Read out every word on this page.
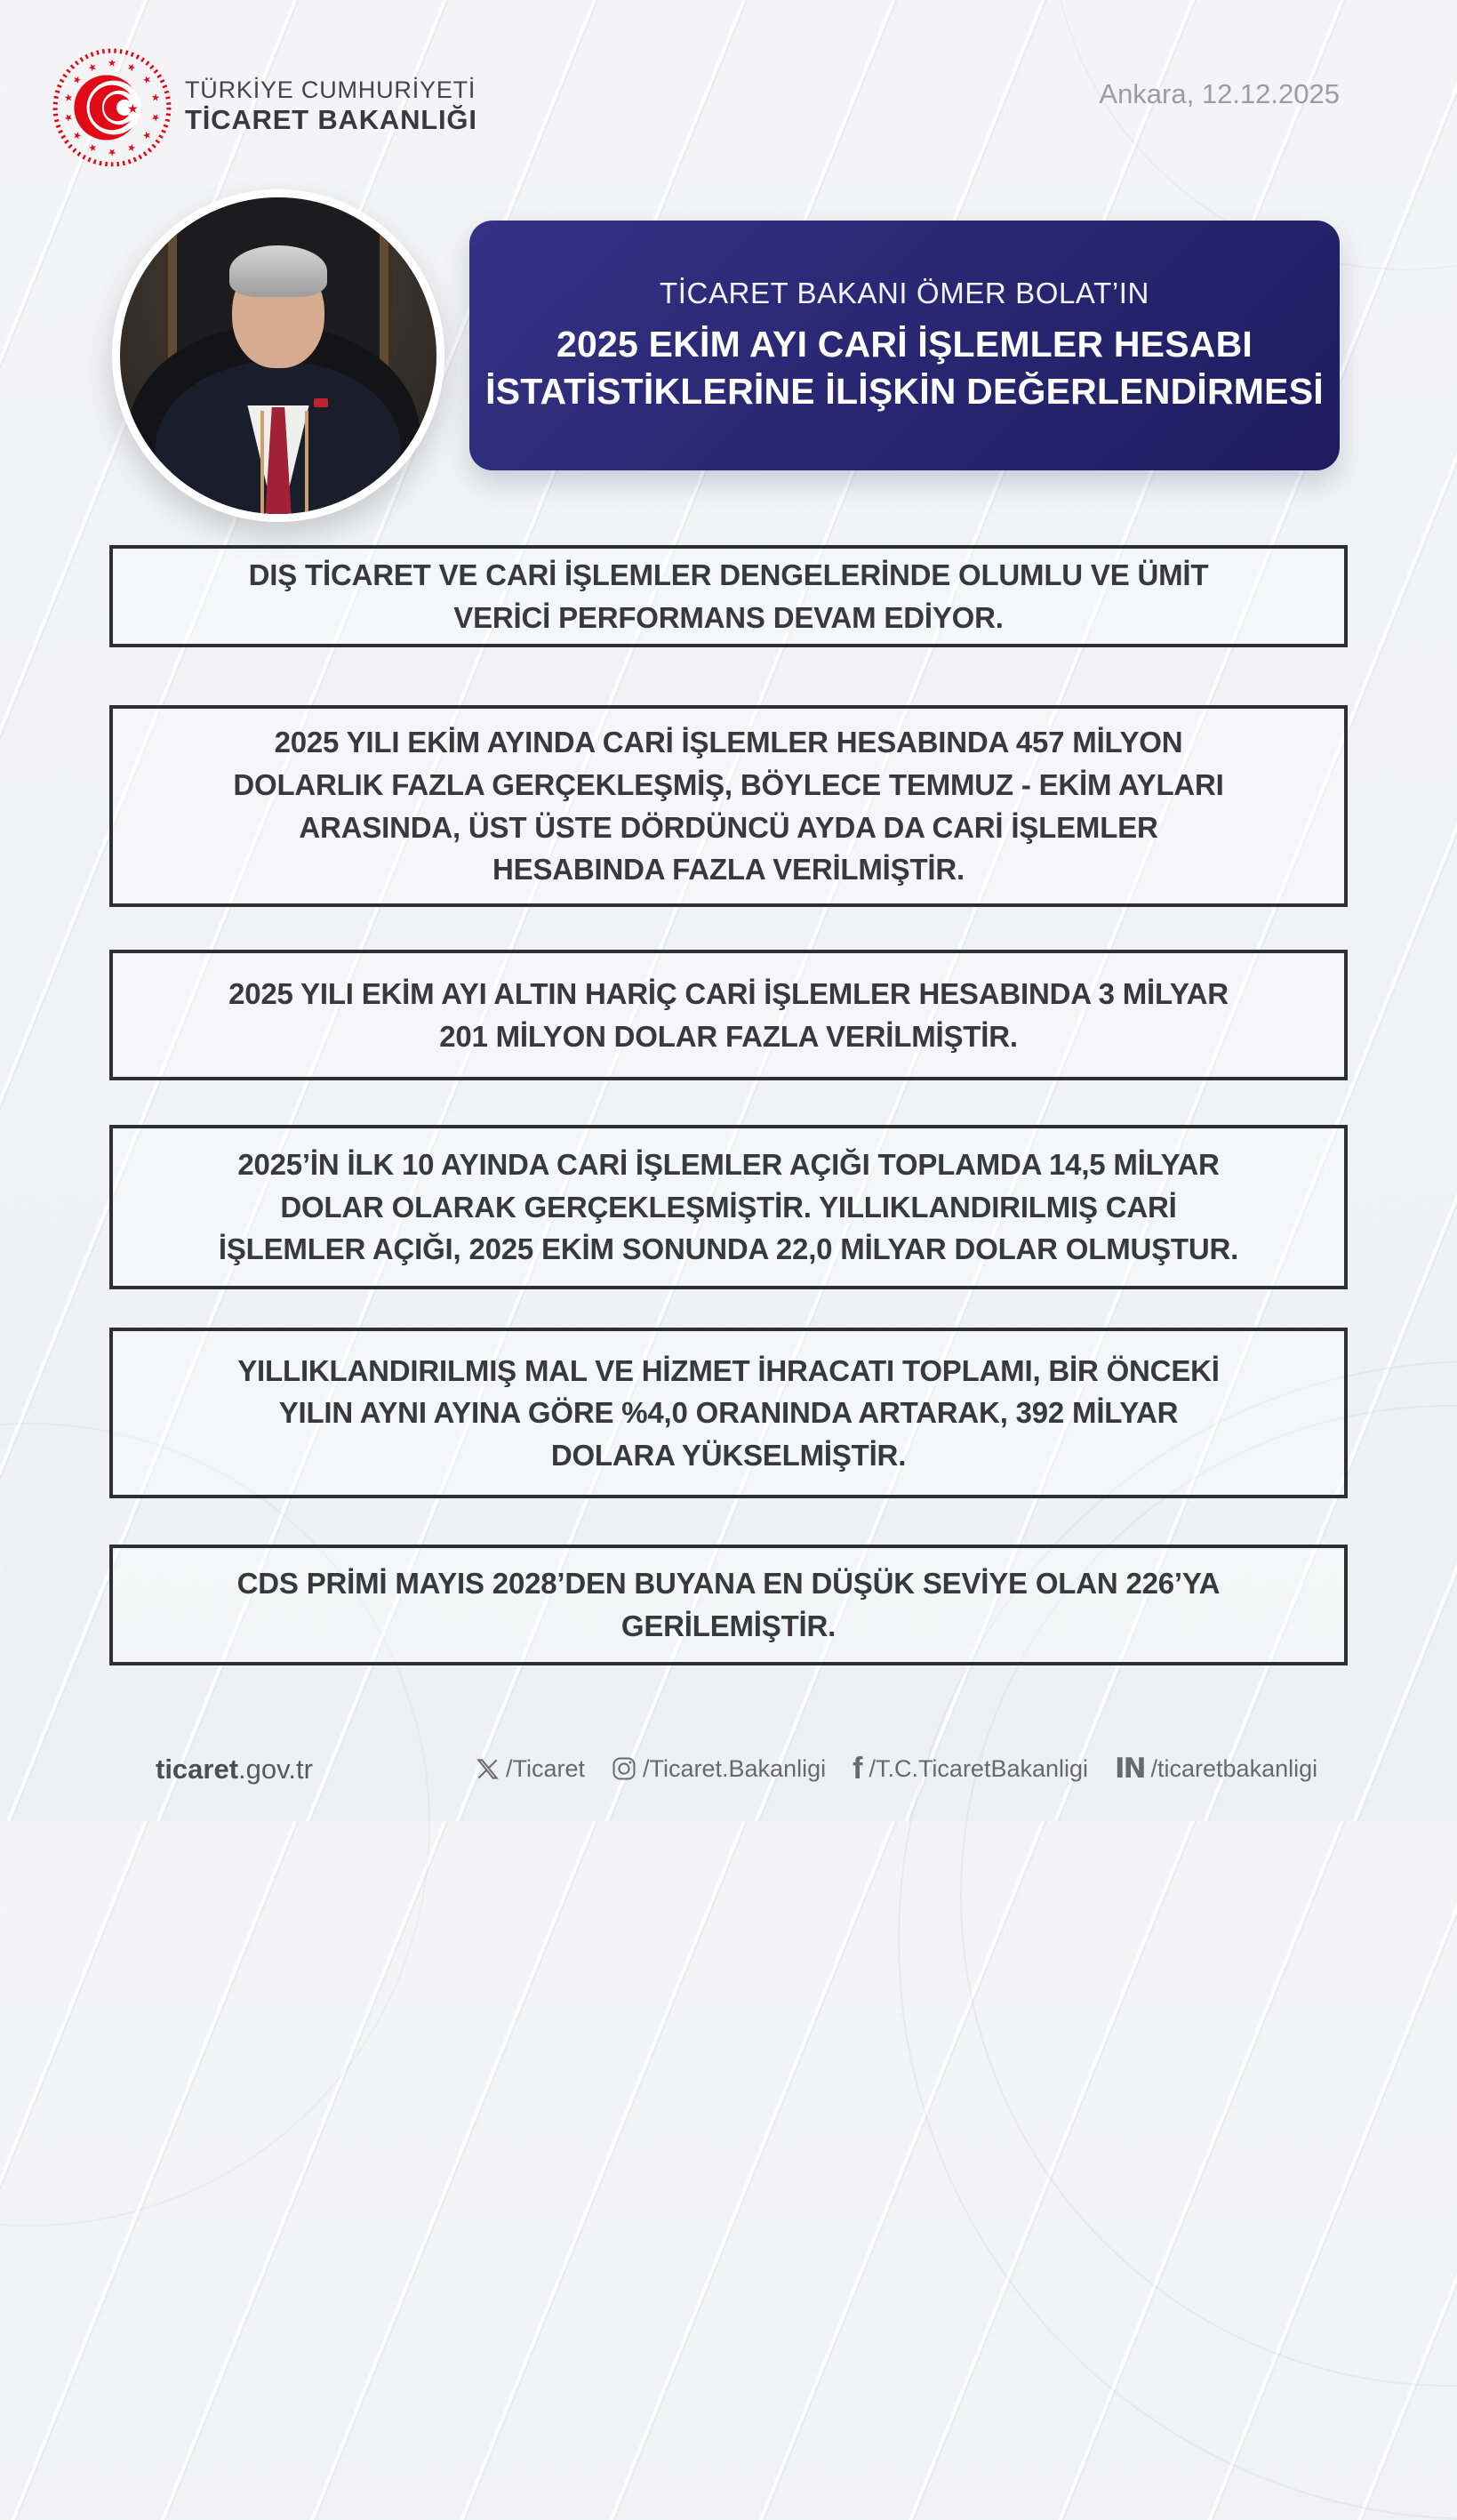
★ ★
★
★
★
★
★
★
★
★
★
★
★
★
★
TÜRKİYE CUMHURİYETİ
TİCARET BAKANLIĞI
Ankara, 12.12.2025
TİCARET BAKANI ÖMER BOLAT’IN
2025 EKİM AYI CARİ İŞLEMLER HESABI
İSTATİSTİKLERİNE İLİŞKİN DEĞERLENDİRMESİ
DIŞ TİCARET VE CARİ İŞLEMLER DENGELERİNDE OLUMLU VE ÜMİT
VERİCİ PERFORMANS DEVAM EDİYOR.
2025 YILI EKİM AYINDA CARİ İŞLEMLER HESABINDA 457 MİLYON
DOLARLIK FAZLA GERÇEKLEŞMİŞ, BÖYLECE TEMMUZ - EKİM AYLARI
ARASINDA, ÜST ÜSTE DÖRDÜNCÜ AYDA DA CARİ İŞLEMLER
HESABINDA FAZLA VERİLMİŞTİR.
2025 YILI EKİM AYI ALTIN HARİÇ CARİ İŞLEMLER HESABINDA 3 MİLYAR
201 MİLYON DOLAR FAZLA VERİLMİŞTİR.
2025’İN İLK 10 AYINDA CARİ İŞLEMLER AÇIĞI TOPLAMDA 14,5 MİLYAR
DOLAR OLARAK GERÇEKLEŞMİŞTİR. YILLIKLANDIRILMIŞ CARİ
İŞLEMLER AÇIĞI, 2025 EKİM SONUNDA 22,0 MİLYAR DOLAR OLMUŞTUR.
YILLIKLANDIRILMIŞ MAL VE HİZMET İHRACATI TOPLAMI, BİR ÖNCEKİ
YILIN AYNI AYINA GÖRE %4,0 ORANINDA ARTARAK, 392 MİLYAR
DOLARA YÜKSELMİŞTİR.
CDS PRİMİ MAYIS 2028’DEN BUYANA EN DÜŞÜK SEVİYE OLAN 226’YA
GERİLEMİŞTİR.
ticaret.gov.tr	/Ticaret /Ticaret.Bakanligi f /T.C.TicaretBakanligi IN /ticaretbakanligi
